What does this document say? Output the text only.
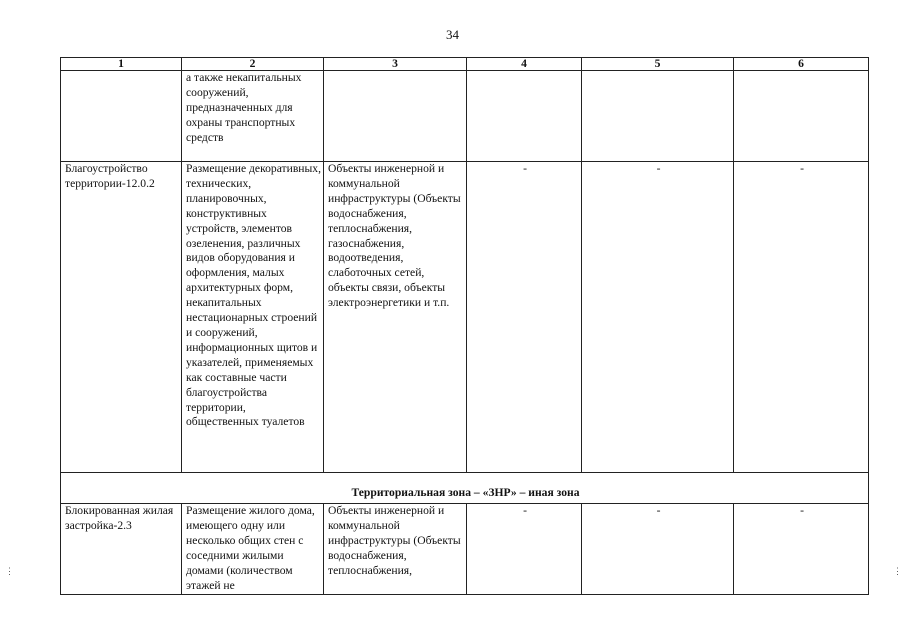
34
1	2	3	4	5	6
	а также некапитальных сооружений, предназначенных для охраны транспортных средств				
Благоустройство территории-12.0.2	Размещение декоративных, технических, планировочных, конструктивных устройств, элементов озеленения, различных видов оборудования и оформления, малых архитектурных форм, некапитальных нестационарных строений и сооружений, информационных щитов и указателей, применяемых как составные части благоустройства территории, общественных туалетов	Объекты инженерной и коммунальной инфраструктуры (Объекты водоснабжения, теплоснабжения, газоснабжения, водоотведения, слаботочных сетей, объекты связи, объекты электроэнергетики и т.п.	-	-	-
Территориальная зона – «ЗНР» – иная зона					
Блокированная жилая застройка-2.3	Размещение жилого дома, имеющего одну или несколько общих стен с соседними жилыми домами (количеством этажей не	Объекты инженерной и коммунальной инфраструктуры (Объекты водоснабжения, теплоснабжения,	-	-	-
⋮	⋮
